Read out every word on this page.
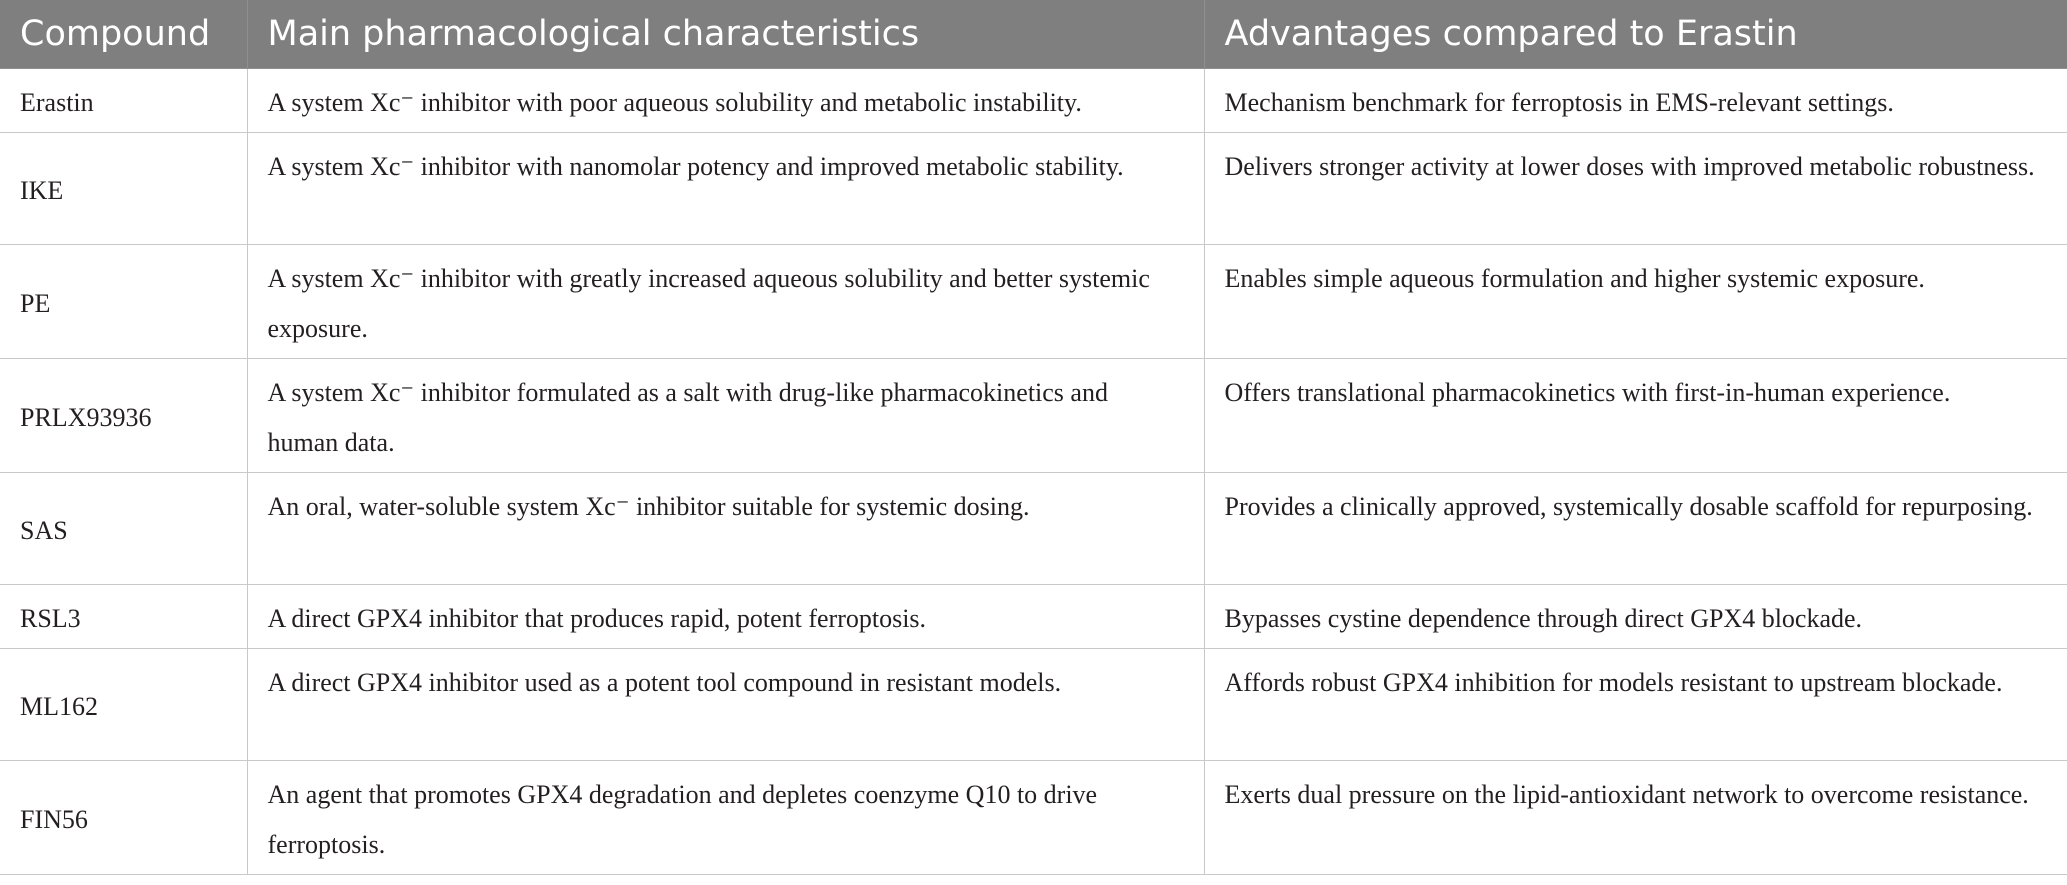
Compound	Main pharmacological characteristics	Advantages compared to Erastin
Erastin	A system Xc⁻ inhibitor with poor aqueous solubility and metabolic instability.	Mechanism benchmark for ferroptosis in EMS-relevant settings.
IKE	A system Xc⁻ inhibitor with nanomolar potency and improved metabolic stability.	Delivers stronger activity at lower doses with improved metabolic robustness.
PE	A system Xc⁻ inhibitor with greatly increased aqueous solubility and better systemic exposure.	Enables simple aqueous formulation and higher systemic exposure.
PRLX93936	A system Xc⁻ inhibitor formulated as a salt with drug-like pharmacokinetics and human data.	Offers translational pharmacokinetics with first-in-human experience.
SAS	An oral, water-soluble system Xc⁻ inhibitor suitable for systemic dosing.	Provides a clinically approved, systemically dosable scaffold for repurposing.
RSL3	A direct GPX4 inhibitor that produces rapid, potent ferroptosis.	Bypasses cystine dependence through direct GPX4 blockade.
ML162	A direct GPX4 inhibitor used as a potent tool compound in resistant models.	Affords robust GPX4 inhibition for models resistant to upstream blockade.
FIN56	An agent that promotes GPX4 degradation and depletes coenzyme Q10 to drive ferroptosis.	Exerts dual pressure on the lipid-antioxidant network to overcome resistance.
